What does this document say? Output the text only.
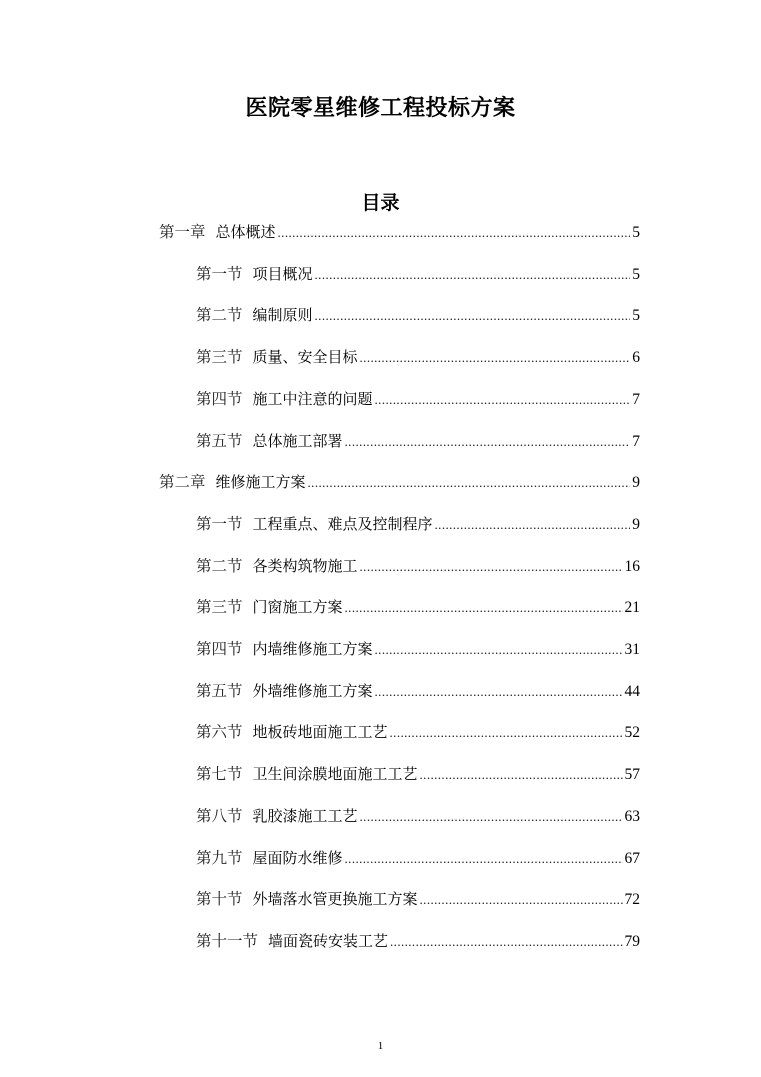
医院零星维修工程投标方案
目录
第一章 总体概述 .....	5
第一节 项目概况 .....	5
第二节 编制原则 .....	5
第三节 质量、安全目标 .....	6
第四节 施工中注意的问题 .....	7
第五节 总体施工部署 .....	7
第二章 维修施工方案 .....	9
第一节 工程重点、难点及控制程序 .....	9
第二节 各类构筑物施工 .....	16
第三节 门窗施工方案 .....	21
第四节 内墙维修施工方案 .....	31
第五节 外墙维修施工方案 .....	44
第六节 地板砖地面施工工艺 .....	52
第七节 卫生间涂膜地面施工工艺 .....	57
第八节 乳胶漆施工工艺 .....	63
第九节 屋面防水维修 .....	67
第十节 外墙落水管更换施工方案 .....	72
第十一节 墙面瓷砖安装工艺 .....	79
1
